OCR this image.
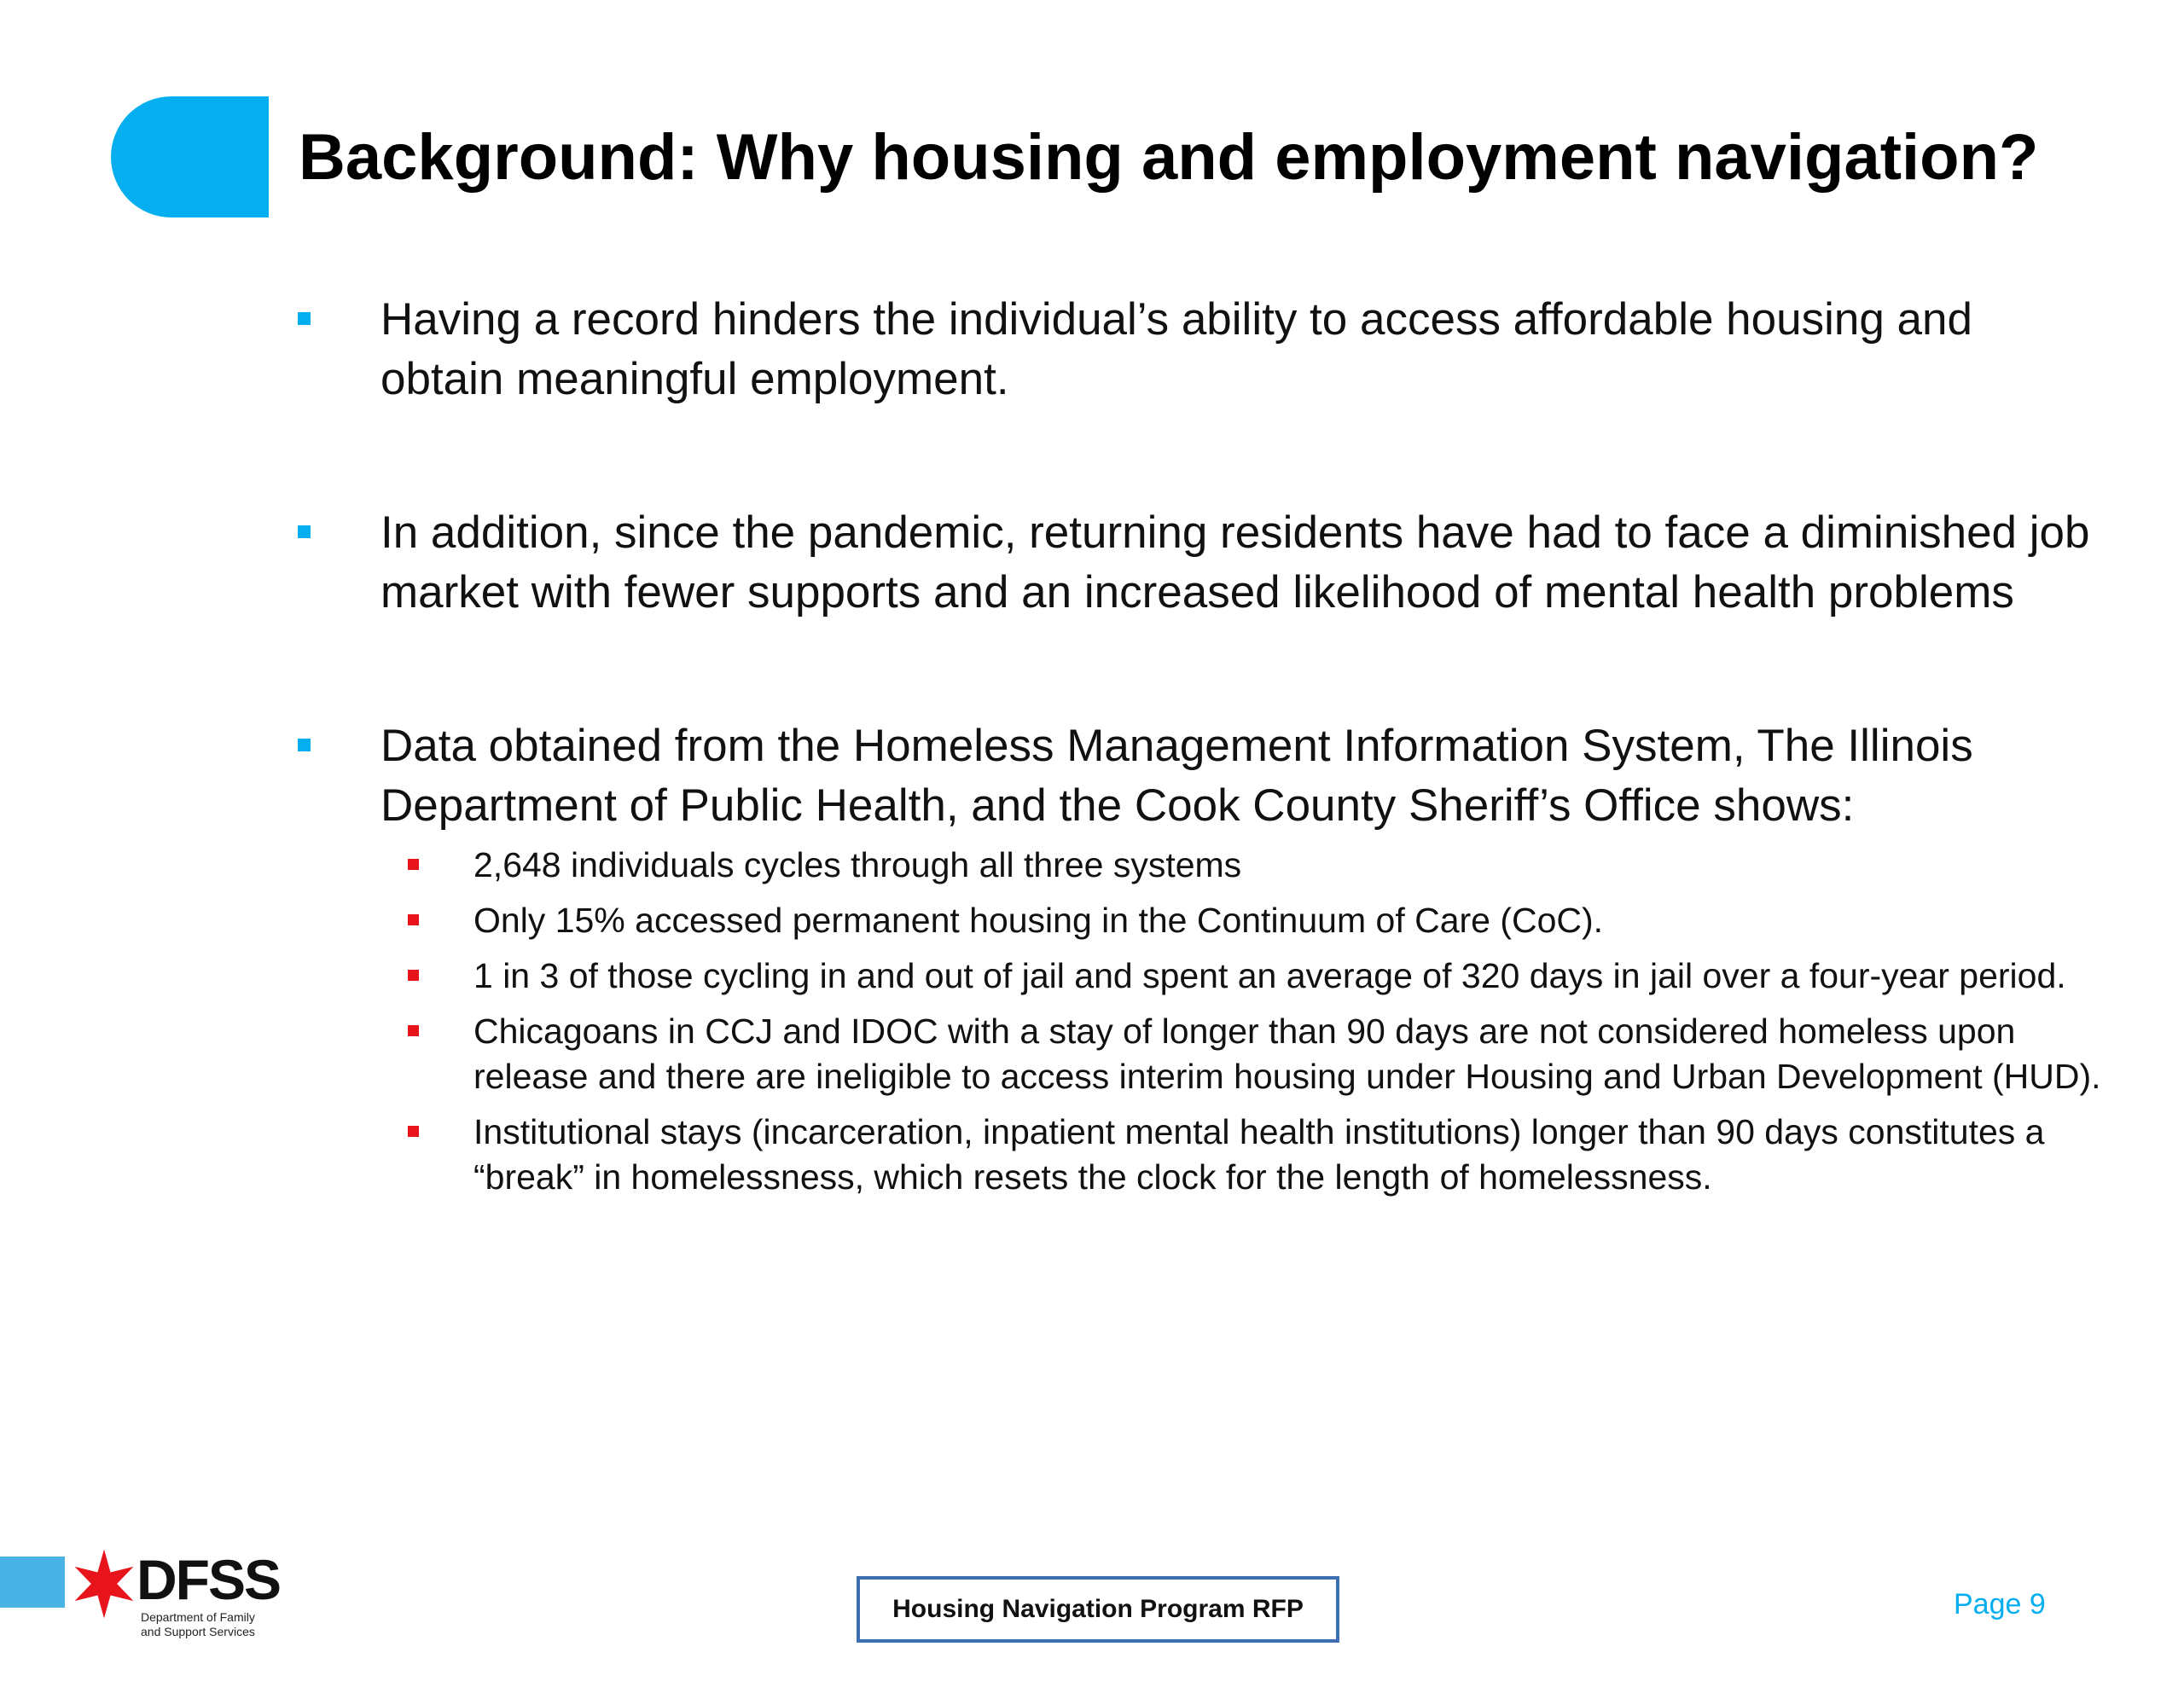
Background: Why housing and employment navigation?
Having a record hinders the individual’s ability to access affordable housing and obtain meaningful employment.
In addition, since the pandemic, returning residents have had to face a diminished job market with fewer supports and an increased likelihood of mental health problems
Data obtained from the Homeless Management Information System, The Illinois Department of Public Health, and the Cook County Sheriff’s Office shows:
2,648 individuals cycles through all three systems
Only 15% accessed permanent housing in the Continuum of Care (CoC).
1 in 3 of those cycling in and out of jail and spent an average of 320 days in jail over a four-year period.
Chicagoans in CCJ and IDOC with a stay of longer than 90 days are not considered homeless upon release and there are ineligible to access interim housing under Housing and Urban Development (HUD).
Institutional stays (incarceration, inpatient mental health institutions) longer than 90 days constitutes a “break” in homelessness, which resets the clock for the length of homelessness.
DFSS
Department of Family
and Support Services
Housing Navigation Program RFP	Page 9
